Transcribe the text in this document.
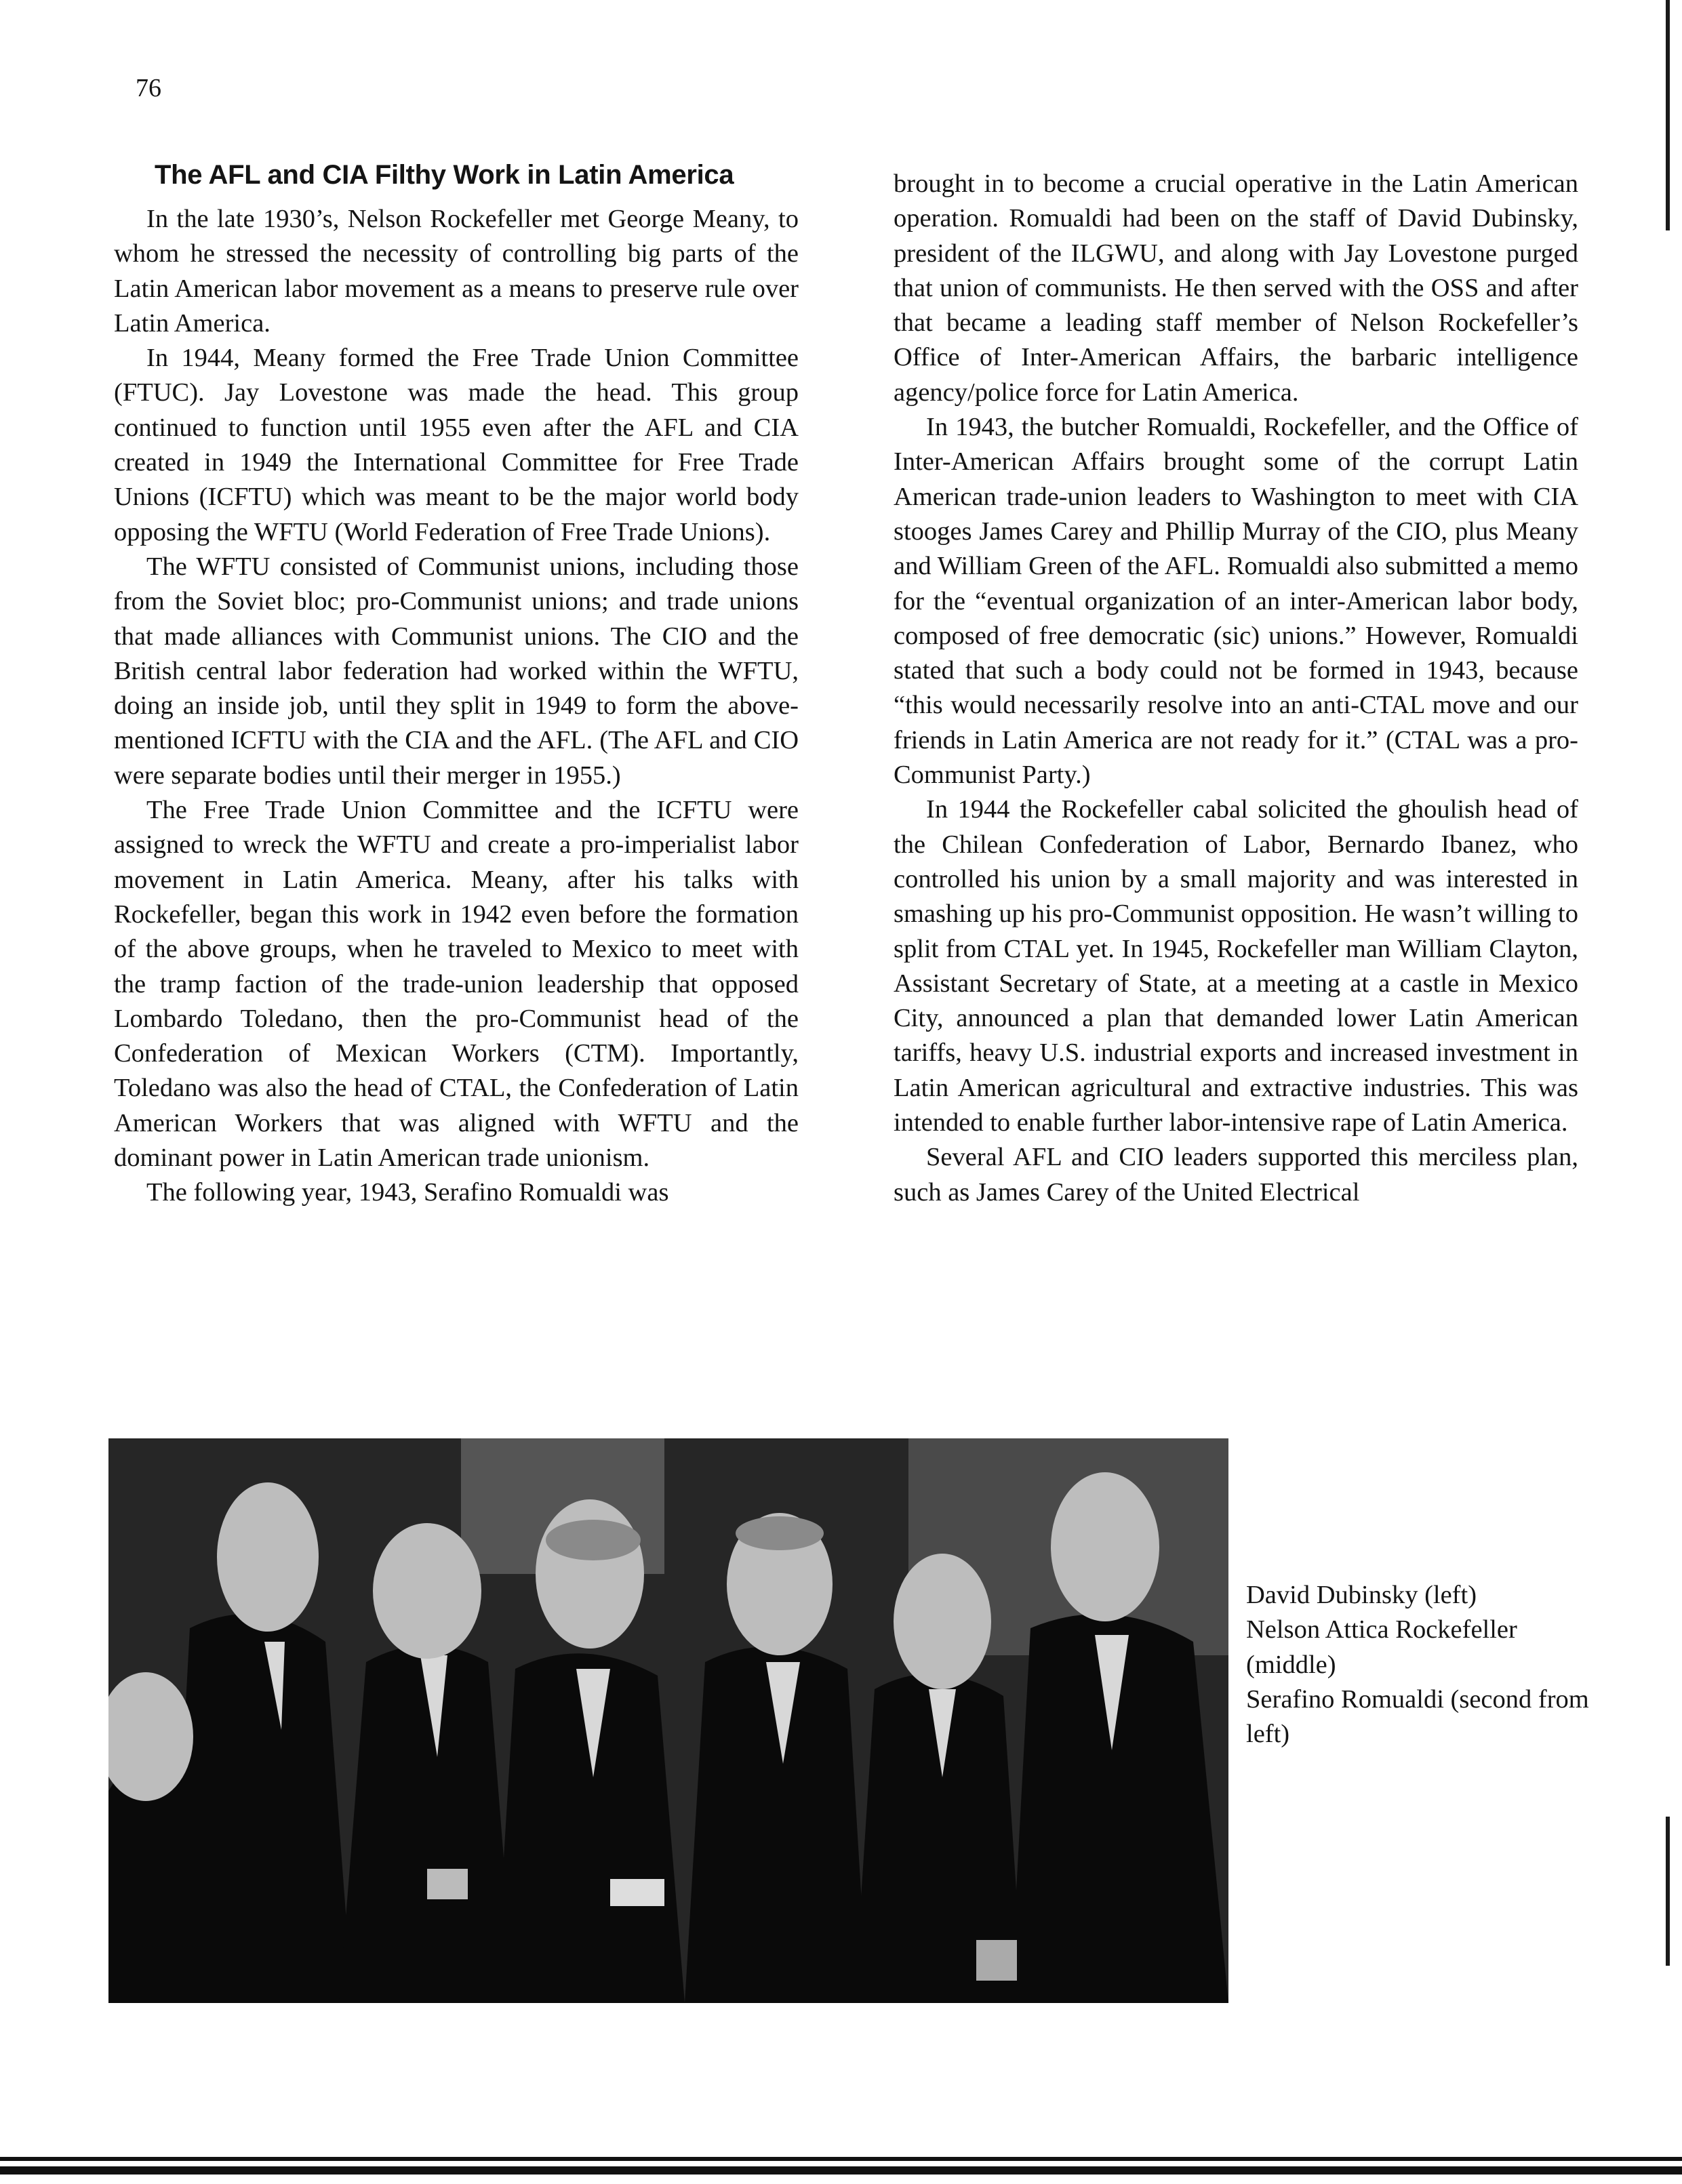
76
The AFL and CIA Filthy Work in Latin America

In the late 1930’s, Nelson Rockefeller met George Meany, to whom he stressed the necessity of controlling big parts of the Latin American labor movement as a means to preserve rule over Latin America.

In 1944, Meany formed the Free Trade Union Committee (FTUC). Jay Lovestone was made the head. This group continued to function until 1955 even after the AFL and CIA created in 1949 the International Committee for Free Trade Unions (ICFTU) which was meant to be the major world body opposing the WFTU (World Federation of Free Trade Unions).

The WFTU consisted of Communist unions, including those from the Soviet bloc; pro-Communist unions; and trade unions that made alliances with Communist unions. The CIO and the British central labor federation had worked within the WFTU, doing an inside job, until they split in 1949 to form the above-mentioned ICFTU with the CIA and the AFL. (The AFL and CIO were separate bodies until their merger in 1955.)

The Free Trade Union Committee and the ICFTU were assigned to wreck the WFTU and create a pro-imperialist labor movement in Latin America. Meany, after his talks with Rockefeller, began this work in 1942 even before the formation of the above groups, when he traveled to Mexico to meet with the tramp faction of the trade-union leadership that opposed Lombardo Toledano, then the pro-Communist head of the Confederation of Mexican Workers (CTM). Importantly, Toledano was also the head of CTAL, the Confederation of Latin American Workers that was aligned with WFTU and the dominant power in Latin American trade unionism.

The following year, 1943, Serafino Romualdi was

brought in to become a crucial operative in the Latin American operation. Romualdi had been on the staff of David Dubinsky, president of the ILGWU, and along with Jay Lovestone purged that union of communists. He then served with the OSS and after that became a leading staff member of Nelson Rockefeller’s Office of Inter-American Affairs, the barbaric intelligence agency/police force for Latin America.

In 1943, the butcher Romualdi, Rockefeller, and the Office of Inter-American Affairs brought some of the corrupt Latin American trade-union leaders to Washington to meet with CIA stooges James Carey and Phillip Murray of the CIO, plus Meany and William Green of the AFL. Romualdi also submitted a memo for the “eventual organization of an inter-American labor body, composed of free democratic (sic) unions.” However, Romualdi stated that such a body could not be formed in 1943, because “this would necessarily resolve into an anti-CTAL move and our friends in Latin America are not ready for it.” (CTAL was a pro-Communist Party.)

In 1944 the Rockefeller cabal solicited the ghoulish head of the Chilean Confederation of Labor, Bernardo Ibanez, who controlled his union by a small majority and was interested in smashing up his pro-Communist opposition. He wasn’t willing to split from CTAL yet. In 1945, Rockefeller man William Clayton, Assistant Secretary of State, at a meeting at a castle in Mexico City, announced a plan that demanded lower Latin American tariffs, heavy U.S. industrial exports and increased investment in Latin American agricultural and extractive industries. This was intended to enable further labor-intensive rape of Latin America.

Several AFL and CIO leaders supported this merciless plan, such as James Carey of the United Electrical

David Dubinsky (left)
Nelson Attica Rockefeller (middle)
Serafino Romualdi (second from left)
